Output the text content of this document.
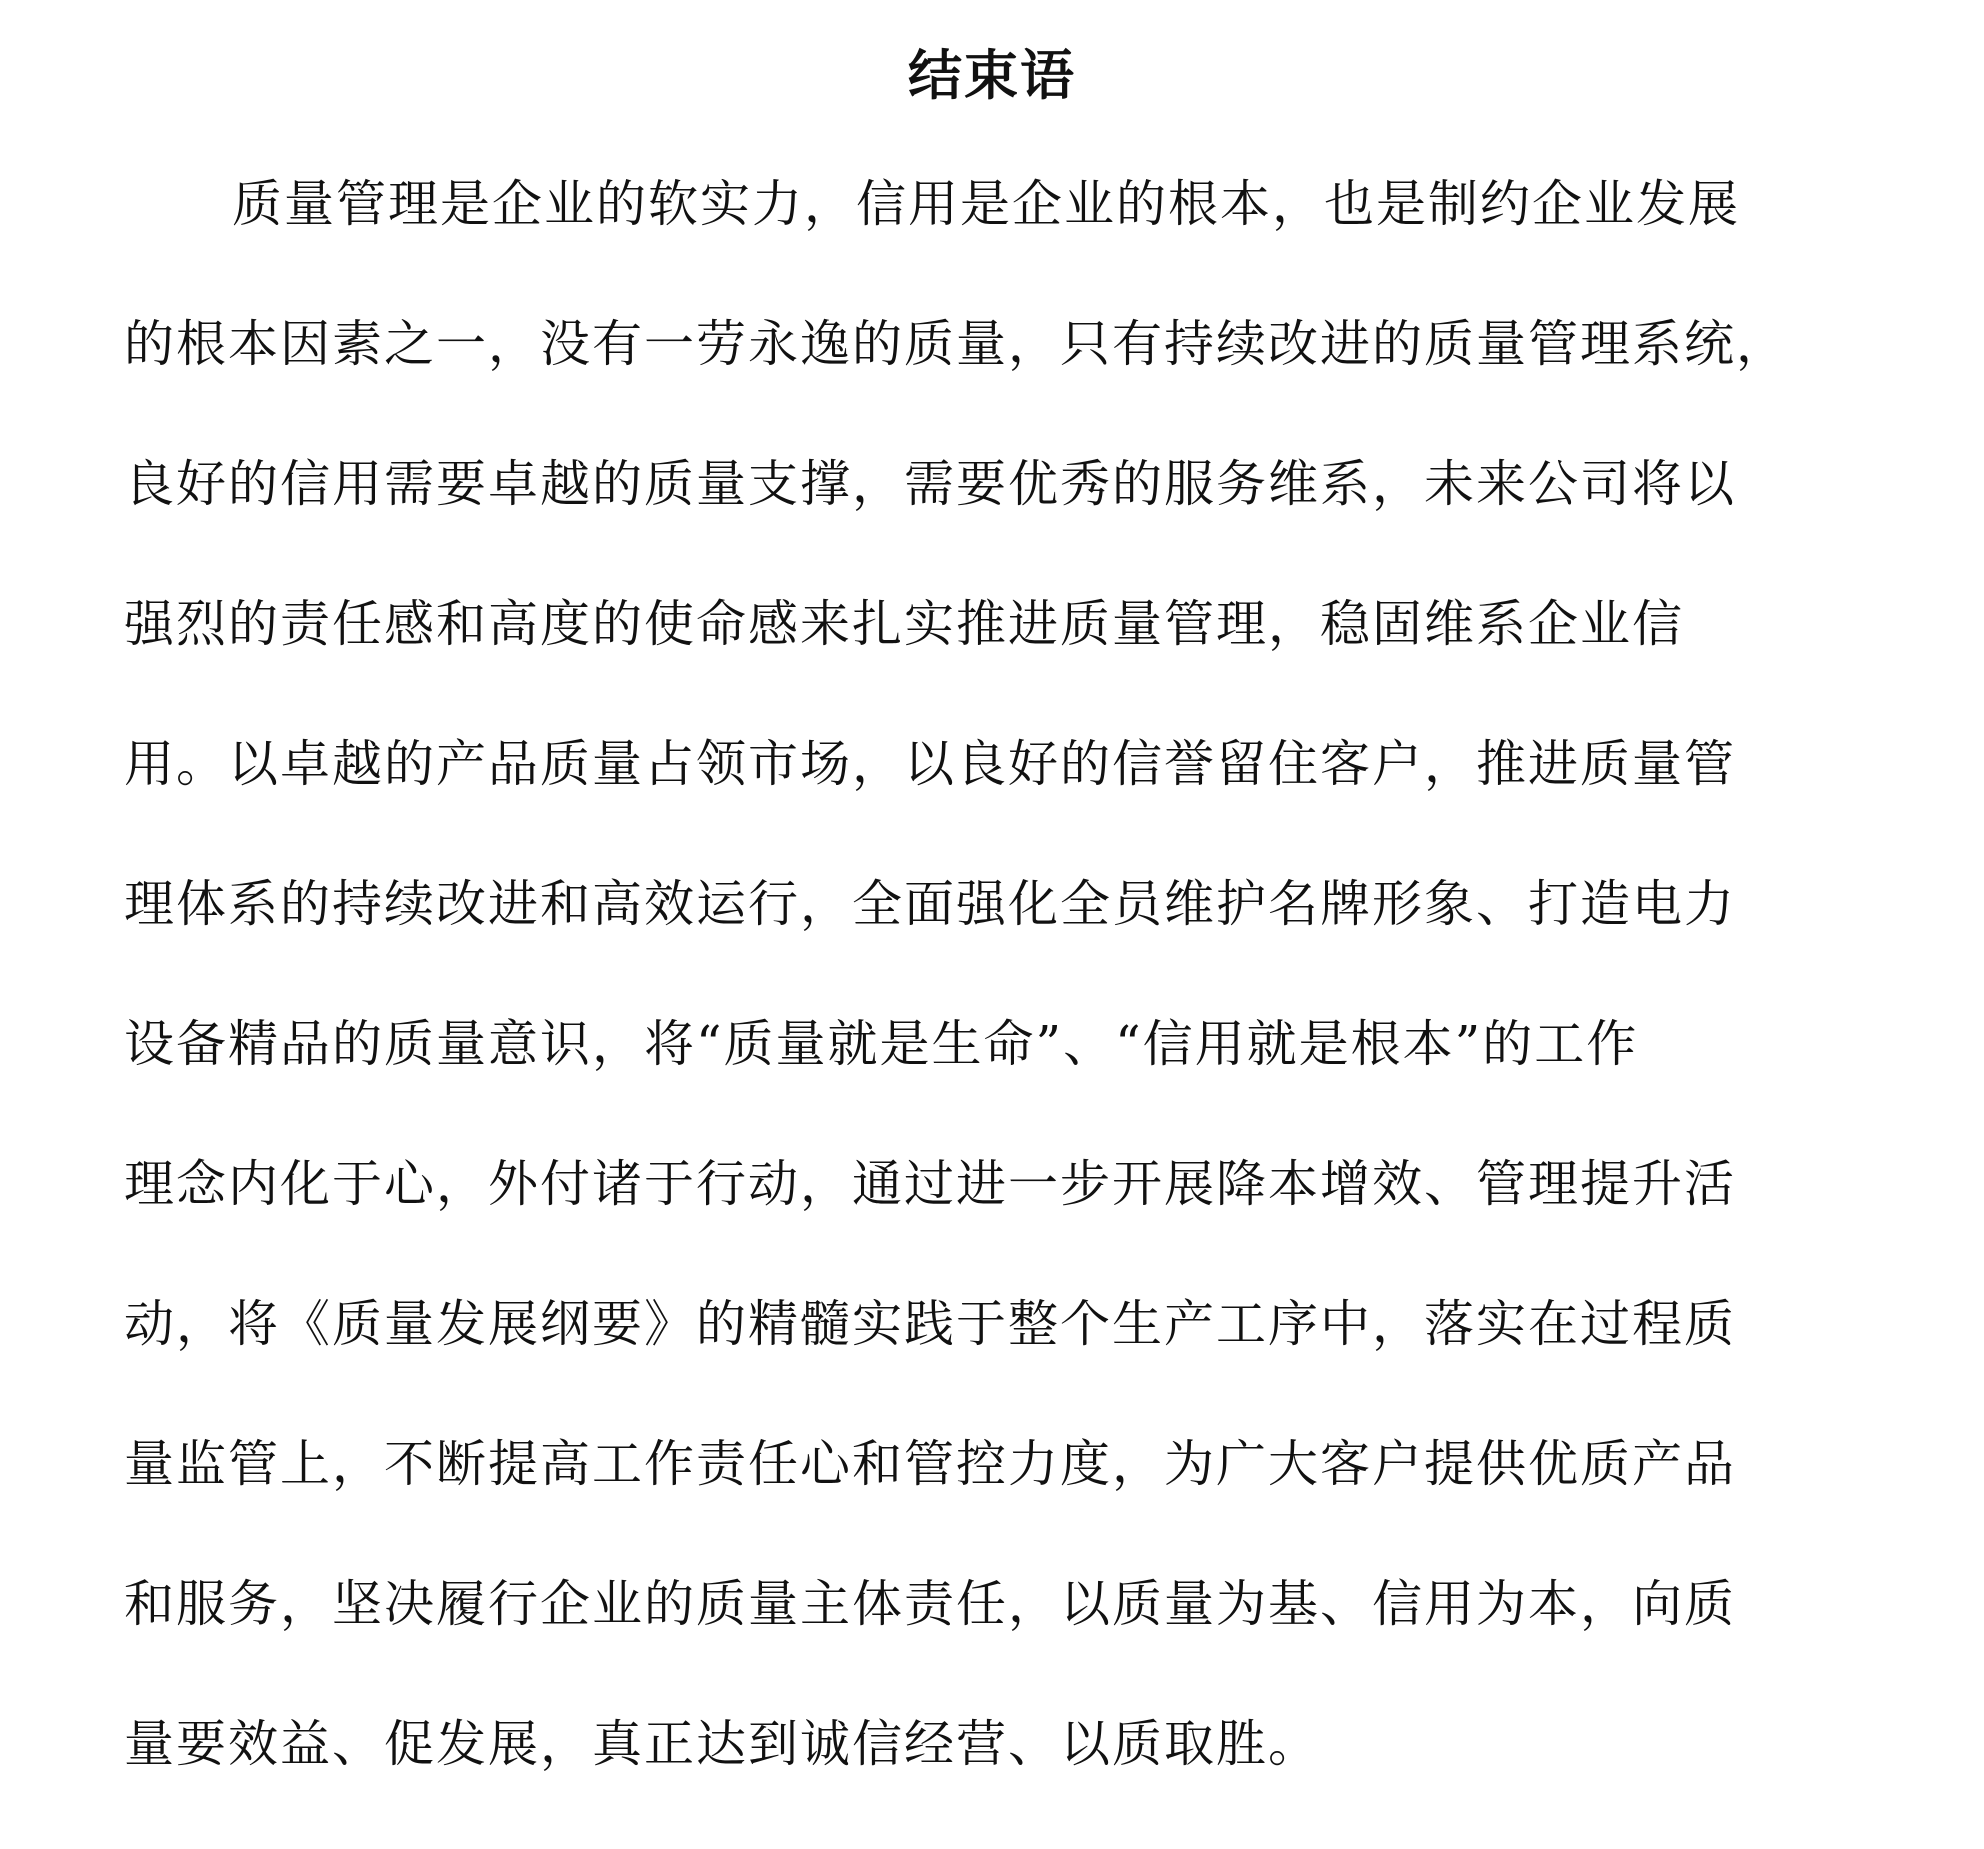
结束语
质量管理是企业的软实力，信用是企业的根本，也是制约企业发展
的根本因素之一，没有一劳永逸的质量，只有持续改进的质量管理系统，
良好的信用需要卓越的质量支撑，需要优秀的服务维系，未来公司将以
强烈的责任感和高度的使命感来扎实推进质量管理，稳固维系企业信
用。以卓越的产品质量占领市场，以良好的信誉留住客户，推进质量管
理体系的持续改进和高效运行，全面强化全员维护名牌形象、打造电力
设备精品的质量意识，将“质量就是生命”、“信用就是根本”的工作
理念内化于心，外付诸于行动，通过进一步开展降本增效、管理提升活
动，将《质量发展纲要》的精髓实践于整个生产工序中，落实在过程质
量监管上，不断提高工作责任心和管控力度，为广大客户提供优质产品
和服务，坚决履行企业的质量主体责任，以质量为基、信用为本，向质
量要效益、促发展，真正达到诚信经营、以质取胜。
